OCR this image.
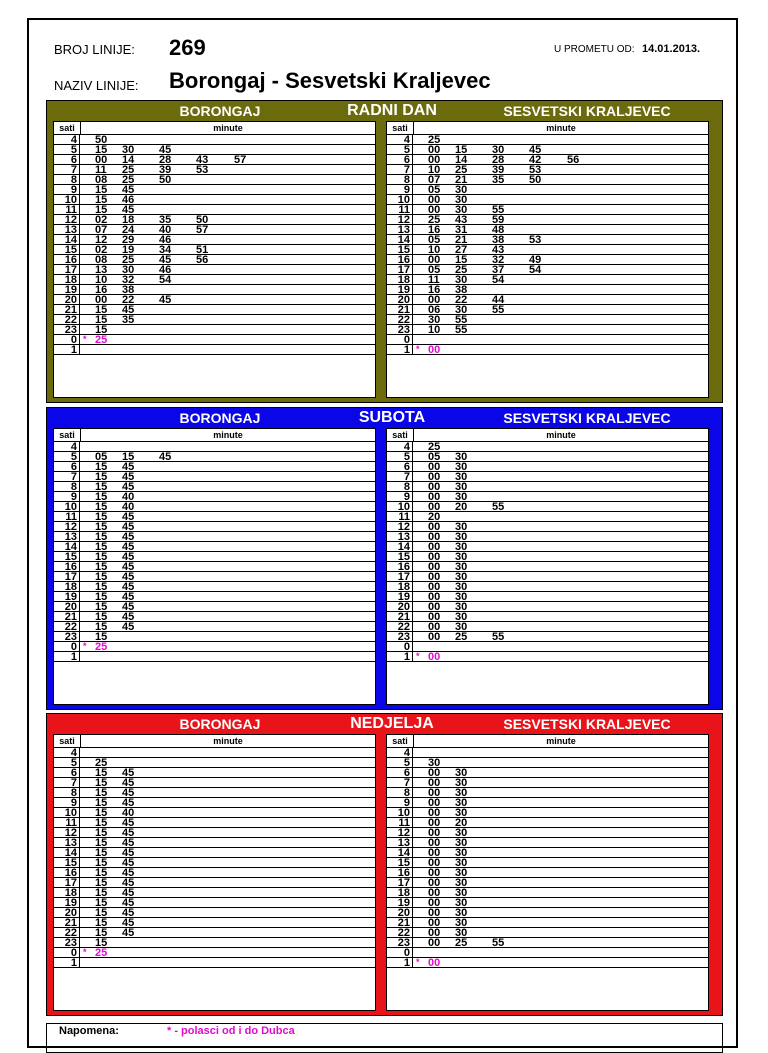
BROJ LINIJE: 269	U PROMETU OD: 14.01.2013.
NAZIV LINIJE: Borongaj - Sesvetski Kraljevec
BORONGAJ	RADNI DAN	SESVETSKI KRALJEVEC
sati	minute
4 50
5 15 30 45
6 00 14 28 43 57
7 11 25 39 53
8 08 25 50
9 15 45
10 15 46
11 15 45
12 02 18 35 50
13 07 24 40 57
14 12 29 46
15 02 19 34 51
16 08 25 45 56
17 13 30 46
18 10 32 54
19 16 38
20 00 22 45
21 15 45
22 15 35
23 15
0 * 25
1
sati	minute
4 25
5 00 15 30 45
6 00 14 28 42 56
7 10 25 39 53
8 07 21 35 50
9 05 30
10 00 30
11 00 30 55
12 25 43 59
13 16 31 48
14 05 21 38 53
15 10 27 43
16 00 15 32 49
17 05 25 37 54
18 11 30 54
19 16 38
20 00 22 44
21 06 30 55
22 30 55
23 10 55
0
1 * 00
BORONGAJ	SUBOTA	SESVETSKI KRALJEVEC
sati	minute
4
5 05 15 45
6 15 45
7 15 45
8 15 45
9 15 40
10 15 40
11 15 45
12 15 45
13 15 45
14 15 45
15 15 45
16 15 45
17 15 45
18 15 45
19 15 45
20 15 45
21 15 45
22 15 45
23 15
0 * 25
1
sati	minute
4 25
5 05 30
6 00 30
7 00 30
8 00 30
9 00 30
10 00 20 55
11 20
12 00 30
13 00 30
14 00 30
15 00 30
16 00 30
17 00 30
18 00 30
19 00 30
20 00 30
21 00 30
22 00 30
23 00 25 55
0
1 * 00
BORONGAJ	NEDJELJA	SESVETSKI KRALJEVEC
sati	minute
4
5 25
6 15 45
7 15 45
8 15 45
9 15 45
10 15 40
11 15 45
12 15 45
13 15 45
14 15 45
15 15 45
16 15 45
17 15 45
18 15 45
19 15 45
20 15 45
21 15 45
22 15 45
23 15
0 * 25
1
sati	minute
4
5 30
6 00 30
7 00 30
8 00 30
9 00 30
10 00 30
11 00 20
12 00 30
13 00 30
14 00 30
15 00 30
16 00 30
17 00 30
18 00 30
19 00 30
20 00 30
21 00 30
22 00 30
23 00 25 55
0
1 * 00
Napomena:	* - polasci od i do Dubca
